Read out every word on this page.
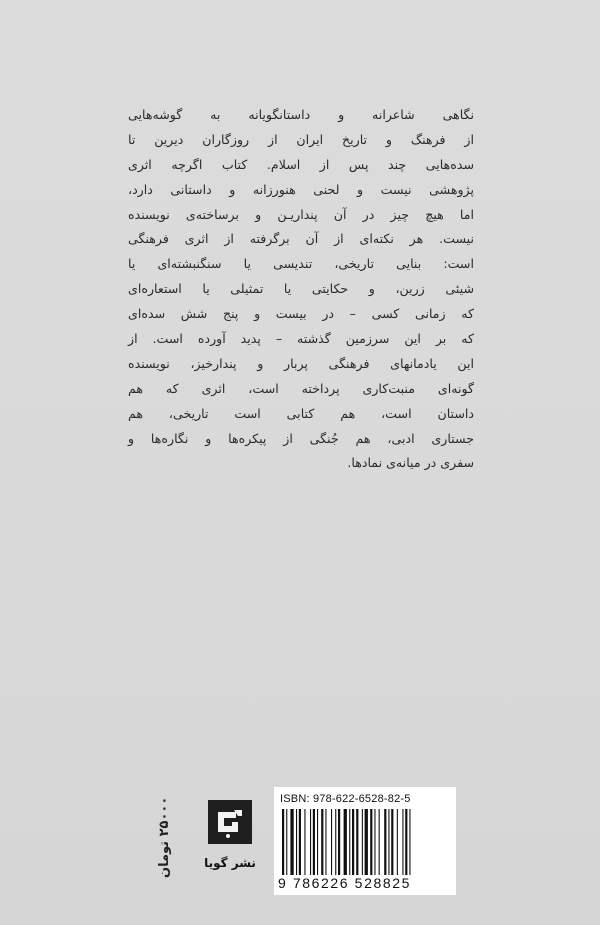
نگاهی شاعرانه و داستانگویانه به گوشه‌هایی
از فرهنگ و تاریخ ایران از روزگاران دیرین تا
سده‌هایی چند پس از اسلام. کتاب اگرچه اثری
پژوهشی نیست و لحنی هنورزانه و داستانی دارد،
اما هیچ چیز در آن پنداریـن و برساخته‌ی نویسنده
نیست. هر نکته‌ای از آن برگرفته از اثری فرهنگی
است: بنایی تاریخی، تندیسی یا سنگنبشته‌ای یا
شیئی زرین، و حکایتی یا تمثیلی یا استعاره‌ای
که زمانی کسی – در بیست و پنج شش سده‌ای
که بر این سرزمین گذشته – پدید آورده است. از
این یادمانهای فرهنگی پربار و پندارخیز، نویسنده
گونه‌ای منبت‌کاری پرداخته است، اثری که هم
داستان است، هم کتابی است تاریخی، هم
جستاری ادبی، هم جُنگی از پیکره‌ها و نگاره‌ها و
سفری در میانه‌ی نمادها.
۲۵۰۰۰ تومان
نشر گویا
ISBN: 978-622-6528-82-5
9 786226 528825
